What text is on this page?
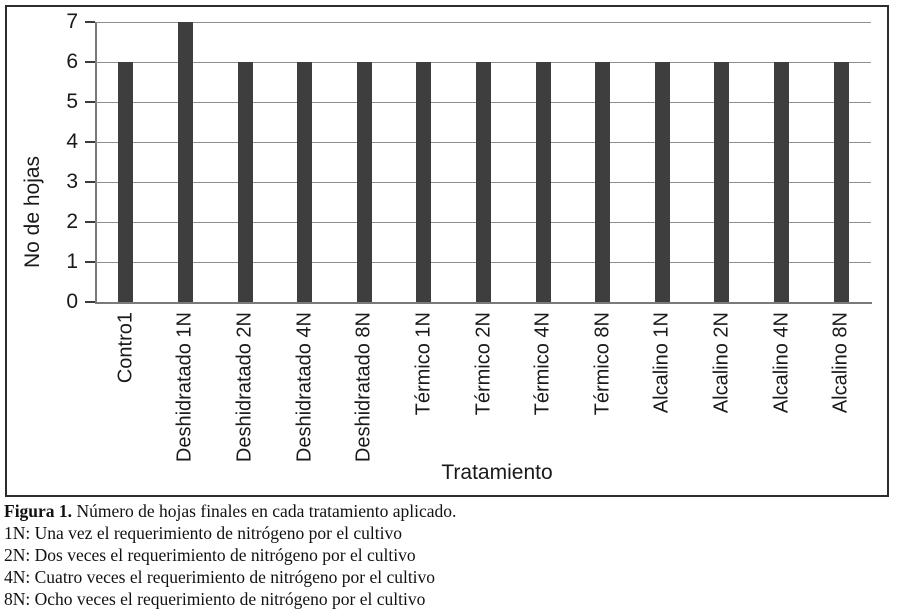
No de hojas
Tratamiento
0
1
2
3
4
5
6
7
Contro1 Deshidratado 1N Deshidratado 2N Deshidratado 4N Deshidratado 8N Térmico 1N Térmico 2N Térmico 4N Térmico 8N Alcalino 1N Alcalino 2N Alcalino 4N Alcalino 8N
Figura 1. Número de hojas finales en cada tratamiento aplicado.
1N: Una vez el requerimiento de nitrógeno por el cultivo
2N: Dos veces el requerimiento de nitrógeno por el cultivo
4N: Cuatro veces el requerimiento de nitrógeno por el cultivo
8N: Ocho veces el requerimiento de nitrógeno por el cultivo
